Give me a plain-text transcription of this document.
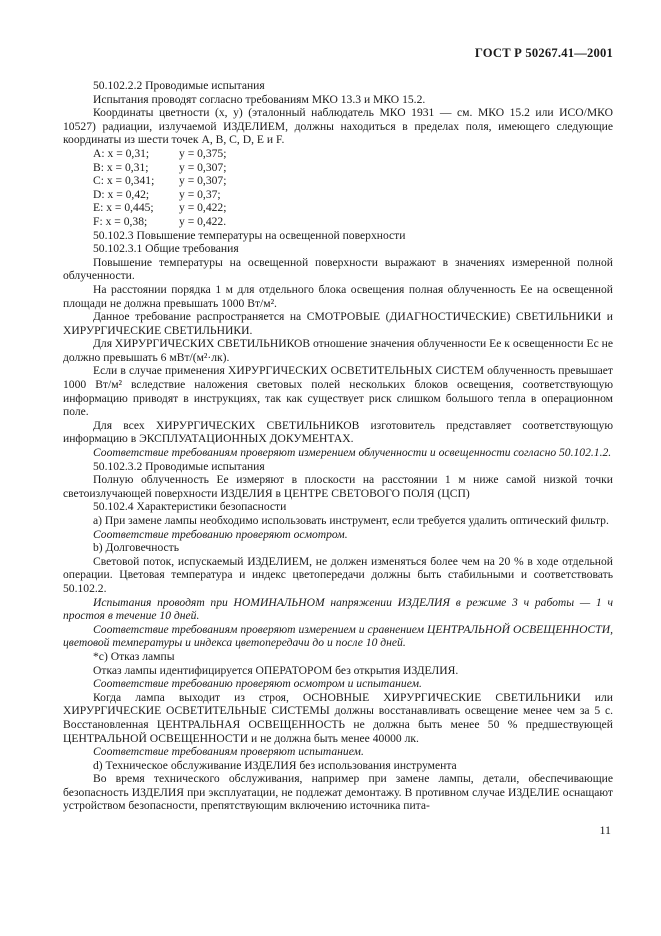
ГОСТ Р 50267.41—2001
50.102.2.2 Проводимые испытания
Испытания проводят согласно требованиям МКО 13.3 и МКО 15.2.
Координаты цветности (x, y) (эталонный наблюдатель МКО 1931 — см. МКО 15.2 или ИСО/МКО 10527) радиации, излучаемой ИЗДЕЛИЕМ, должны находиться в пределах поля, имеющего следующие координаты из шести точек A, B, C, D, E и F.
A: x = 0,31;	y = 0,375;
B: x = 0,31;	y = 0,307;
C: x = 0,341; y = 0,307;
D: x = 0,42;	y = 0,37;
E: x = 0,445; y = 0,422;
F: x = 0,38;	y = 0,422.
50.102.3 Повышение температуры на освещенной поверхности
50.102.3.1 Общие требования
Повышение температуры на освещенной поверхности выражают в значениях измеренной полной облученности.
На расстоянии порядка 1 м для отдельного блока освещения полная облученность Ee на освещенной площади не должна превышать 1000 Вт/м².
Данное требование распространяется на СМОТРОВЫЕ (ДИАГНОСТИЧЕСКИЕ) СВЕТИЛЬНИКИ и ХИРУРГИЧЕСКИЕ СВЕТИЛЬНИКИ.
Для ХИРУРГИЧЕСКИХ СВЕТИЛЬНИКОВ отношение значения облученности Ee к освещенности Ec не должно превышать 6 мВт/(м²·лк).
Если в случае применения ХИРУРГИЧЕСКИХ ОСВЕТИТЕЛЬНЫХ СИСТЕМ облученность превышает 1000 Вт/м² вследствие наложения световых полей нескольких блоков освещения, соответствующую информацию приводят в инструкциях, так как существует риск слишком большого тепла в операционном поле.
Для всех ХИРУРГИЧЕСКИХ СВЕТИЛЬНИКОВ изготовитель представляет соответствующую информацию в ЭКСПЛУАТАЦИОННЫХ ДОКУМЕНТАХ.
Соответствие требованиям проверяют измерением облученности и освещенности согласно 50.102.1.2.
50.102.3.2 Проводимые испытания
Полную облученность Ee измеряют в плоскости на расстоянии 1 м ниже самой низкой точки светоизлучающей поверхности ИЗДЕЛИЯ в ЦЕНТРЕ СВЕТОВОГО ПОЛЯ (ЦСП)
50.102.4 Характеристики безопасности
a) При замене лампы необходимо использовать инструмент, если требуется удалить оптический фильтр.
Соответствие требованию проверяют осмотром.
b) Долговечность
Световой поток, испускаемый ИЗДЕЛИЕМ, не должен изменяться более чем на 20 % в ходе отдельной операции. Цветовая температура и индекс цветопередачи должны быть стабильными и соответствовать 50.102.2.
Испытания проводят при НОМИНАЛЬНОМ напряжении ИЗДЕЛИЯ в режиме 3 ч работы — 1 ч простоя в течение 10 дней.
Соответствие требованиям проверяют измерением и сравнением ЦЕНТРАЛЬНОЙ ОСВЕЩЕННОСТИ, цветовой температуры и индекса цветопередачи до и после 10 дней.
*c) Отказ лампы
Отказ лампы идентифицируется ОПЕРАТОРОМ без открытия ИЗДЕЛИЯ.
Соответствие требованию проверяют осмотром и испытанием.
Когда лампа выходит из строя, ОСНОВНЫЕ ХИРУРГИЧЕСКИЕ СВЕТИЛЬНИКИ или ХИРУРГИЧЕСКИЕ ОСВЕТИТЕЛЬНЫЕ СИСТЕМЫ должны восстанавливать освещение менее чем за 5 с. Восстановленная ЦЕНТРАЛЬНАЯ ОСВЕЩЕННОСТЬ не должна быть менее 50 % предшествующей ЦЕНТРАЛЬНОЙ ОСВЕЩЕННОСТИ и не должна быть менее 40000 лк.
Соответствие требованиям проверяют испытанием.
d) Техническое обслуживание ИЗДЕЛИЯ без использования инструмента
Во время технического обслуживания, например при замене лампы, детали, обеспечивающие безопасность ИЗДЕЛИЯ при эксплуатации, не подлежат демонтажу. В противном случае ИЗДЕЛИЕ оснащают устройством безопасности, препятствующим включению источника пита-
11
